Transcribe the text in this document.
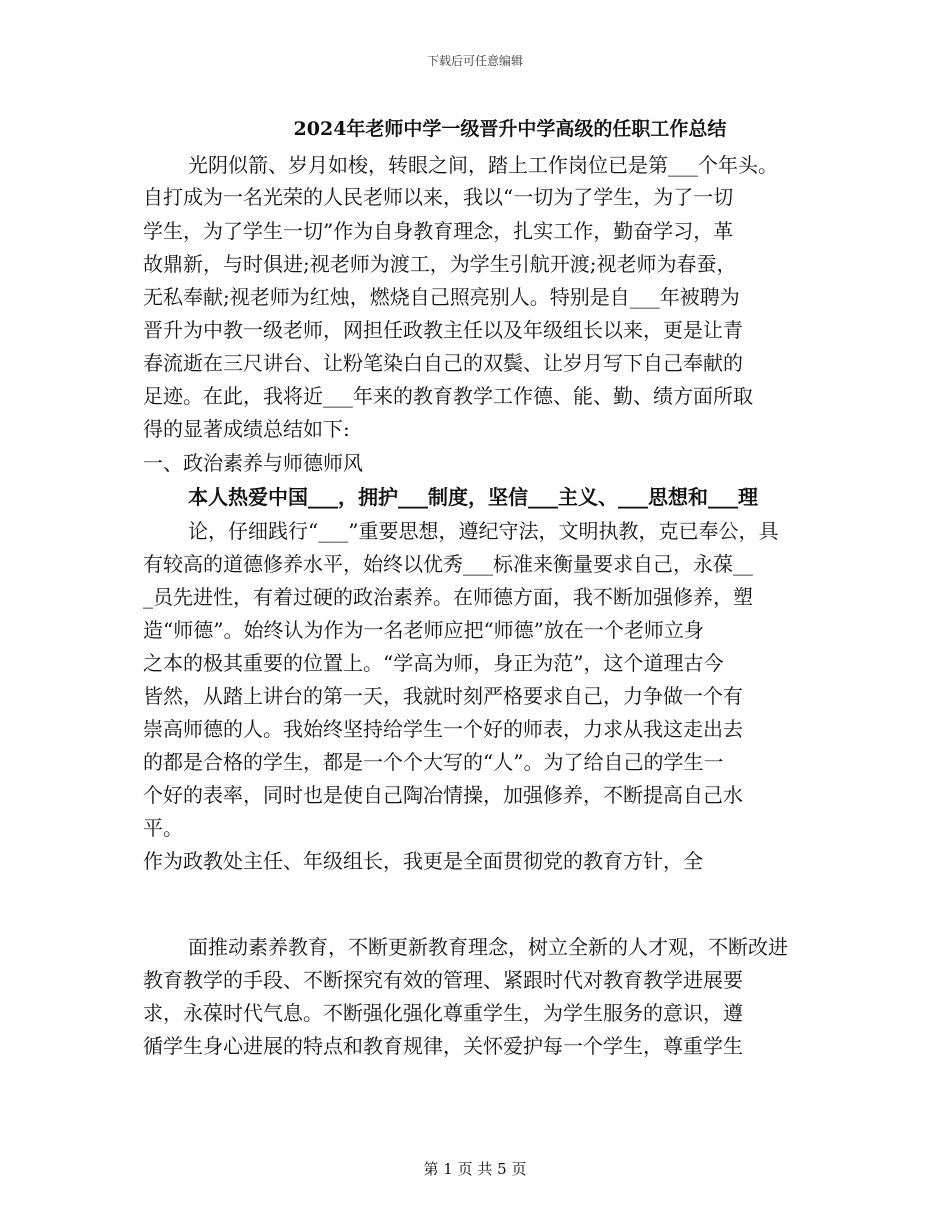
下载后可任意编辑
2024年老师中学一级晋升中学高级的任职工作总结

光阴似箭、岁月如梭，转眼之间，踏上工作岗位已是第___个年头。

自打成为一名光荣的人民老师以来，我以“一切为了学生，为了一切

学生，为了学生一切”作为自身教育理念，扎实工作，勤奋学习，革

故鼎新，与时俱进;视老师为渡工，为学生引航开渡;视老师为春蚕，

无私奉献;视老师为红烛，燃烧自己照亮别人。特别是自___年被聘为

晋升为中教一级老师，网担任政教主任以及年级组长以来，更是让青

春流逝在三尺讲台、让粉笔染白自己的双鬓、让岁月写下自己奉献的

足迹。在此，我将近___年来的教育教学工作德、能、勤、绩方面所取

得的显著成绩总结如下:

一、政治素养与师德师风

本人热爱中国___，拥护___制度，坚信___主义、___思想和___理

论，仔细践行“___”重要思想，遵纪守法，文明执教，克已奉公，具

有较高的道德修养水平，始终以优秀___标准来衡量要求自己，永葆__

_员先进性，有着过硬的政治素养。在师德方面，我不断加强修养，塑

造“师德”。始终认为作为一名老师应把“师德”放在一个老师立身

之本的极其重要的位置上。“学高为师，身正为范”，这个道理古今

皆然，从踏上讲台的第一天，我就时刻严格要求自己，力争做一个有

崇高师德的人。我始终坚持给学生一个好的师表，力求从我这走出去

的都是合格的学生，都是一个个大写的“人”。为了给自己的学生一

个好的表率，同时也是使自己陶冶情操，加强修养，不断提高自己水

平。

作为政教处主任、年级组长，我更是全面贯彻党的教育方针，全

面推动素养教育，不断更新教育理念，树立全新的人才观，不断改进

教育教学的手段、不断探究有效的管理、紧跟时代对教育教学进展要

求，永葆时代气息。不断强化强化尊重学生，为学生服务的意识，遵

循学生身心进展的特点和教育规律，关怀爱护每一个学生，尊重学生

第 1 页 共 5 页
